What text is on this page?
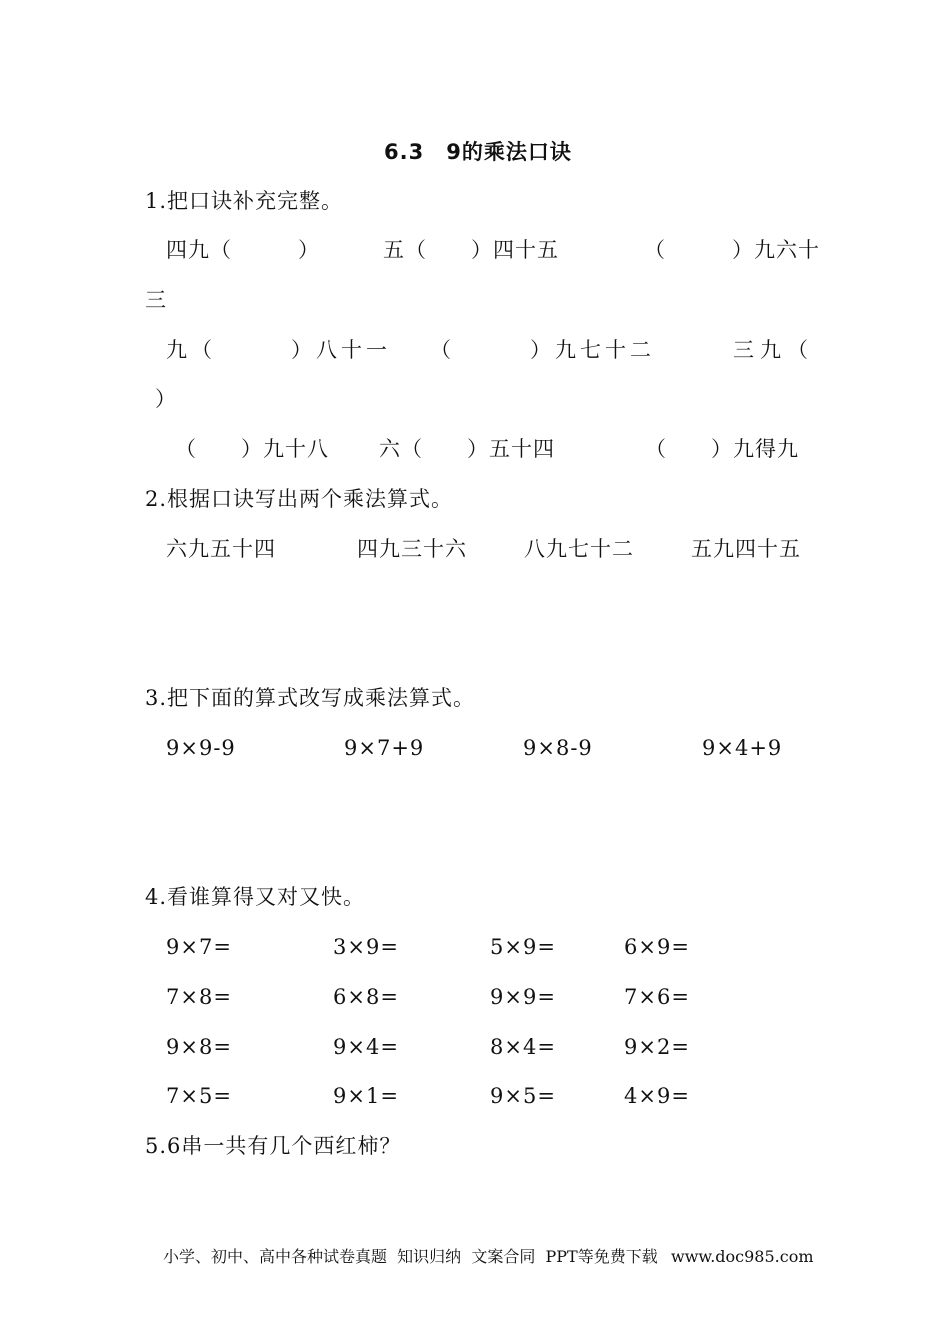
6.3　9的乘法口诀
1.把口诀补充完整。
四九（　　　）	五（　　）四十五	（　　　）九六十
三
九（　　　）八十一 （　　　）九七十二	三九（
）
（　　）九十八 六（　　）五十四	（　　）九得九
2.根据口诀写出两个乘法算式。
六九五十四	四九三十六	八九七十二	五九四十五
3.把下面的算式改写成乘法算式。
9×9-9	9×7+9	9×8-9	9×4+9
4.看谁算得又对又快。
9×7=	3×9=	5×9=	6×9=
7×8=	6×8=	9×9=	7×6=
9×8=	9×4=	8×4=	9×2=
7×5=	9×1=	9×5=	4×9=
5.6串一共有几个西红柿？
小学、初中、高中各种试卷真题  知识归纳  文案合同  PPT等免费下载 www.doc985.com
